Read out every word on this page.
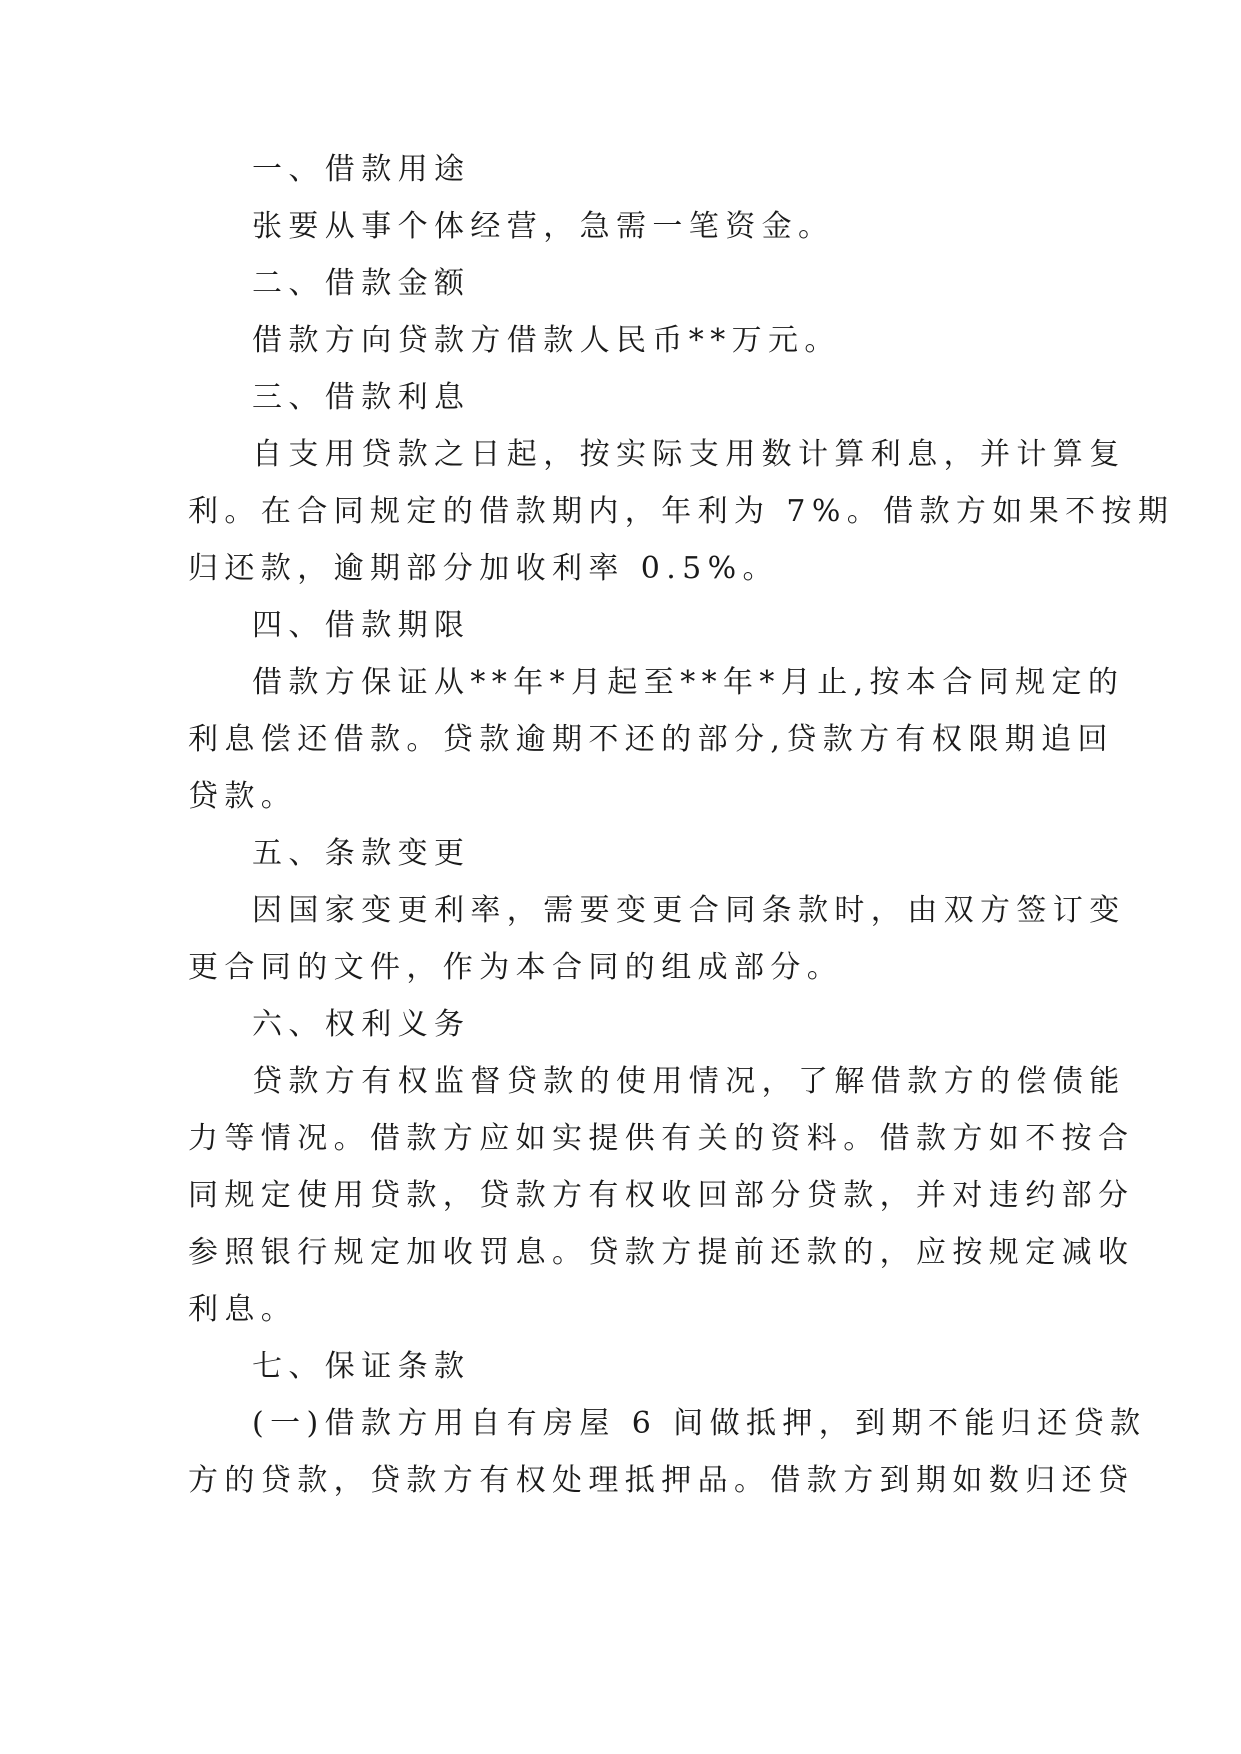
一、借款用途
张要从事个体经营，急需一笔资金。
二、借款金额
借款方向贷款方借款人民币**万元。
三、借款利息
自支用贷款之日起，按实际支用数计算利息，并计算复
利。在合同规定的借款期内，年利为 7%。借款方如果不按期
归还款，逾期部分加收利率 0.5%。
四、借款期限
借款方保证从**年*月起至**年*月止,按本合同规定的
利息偿还借款。贷款逾期不还的部分,贷款方有权限期追回
贷款。
五、条款变更
因国家变更利率，需要变更合同条款时，由双方签订变
更合同的文件，作为本合同的组成部分。
六、权利义务
贷款方有权监督贷款的使用情况，了解借款方的偿债能
力等情况。借款方应如实提供有关的资料。借款方如不按合
同规定使用贷款，贷款方有权收回部分贷款，并对违约部分
参照银行规定加收罚息。贷款方提前还款的，应按规定减收
利息。
七、保证条款
(一)借款方用自有房屋 6 间做抵押，到期不能归还贷款
方的贷款，贷款方有权处理抵押品。借款方到期如数归还贷
